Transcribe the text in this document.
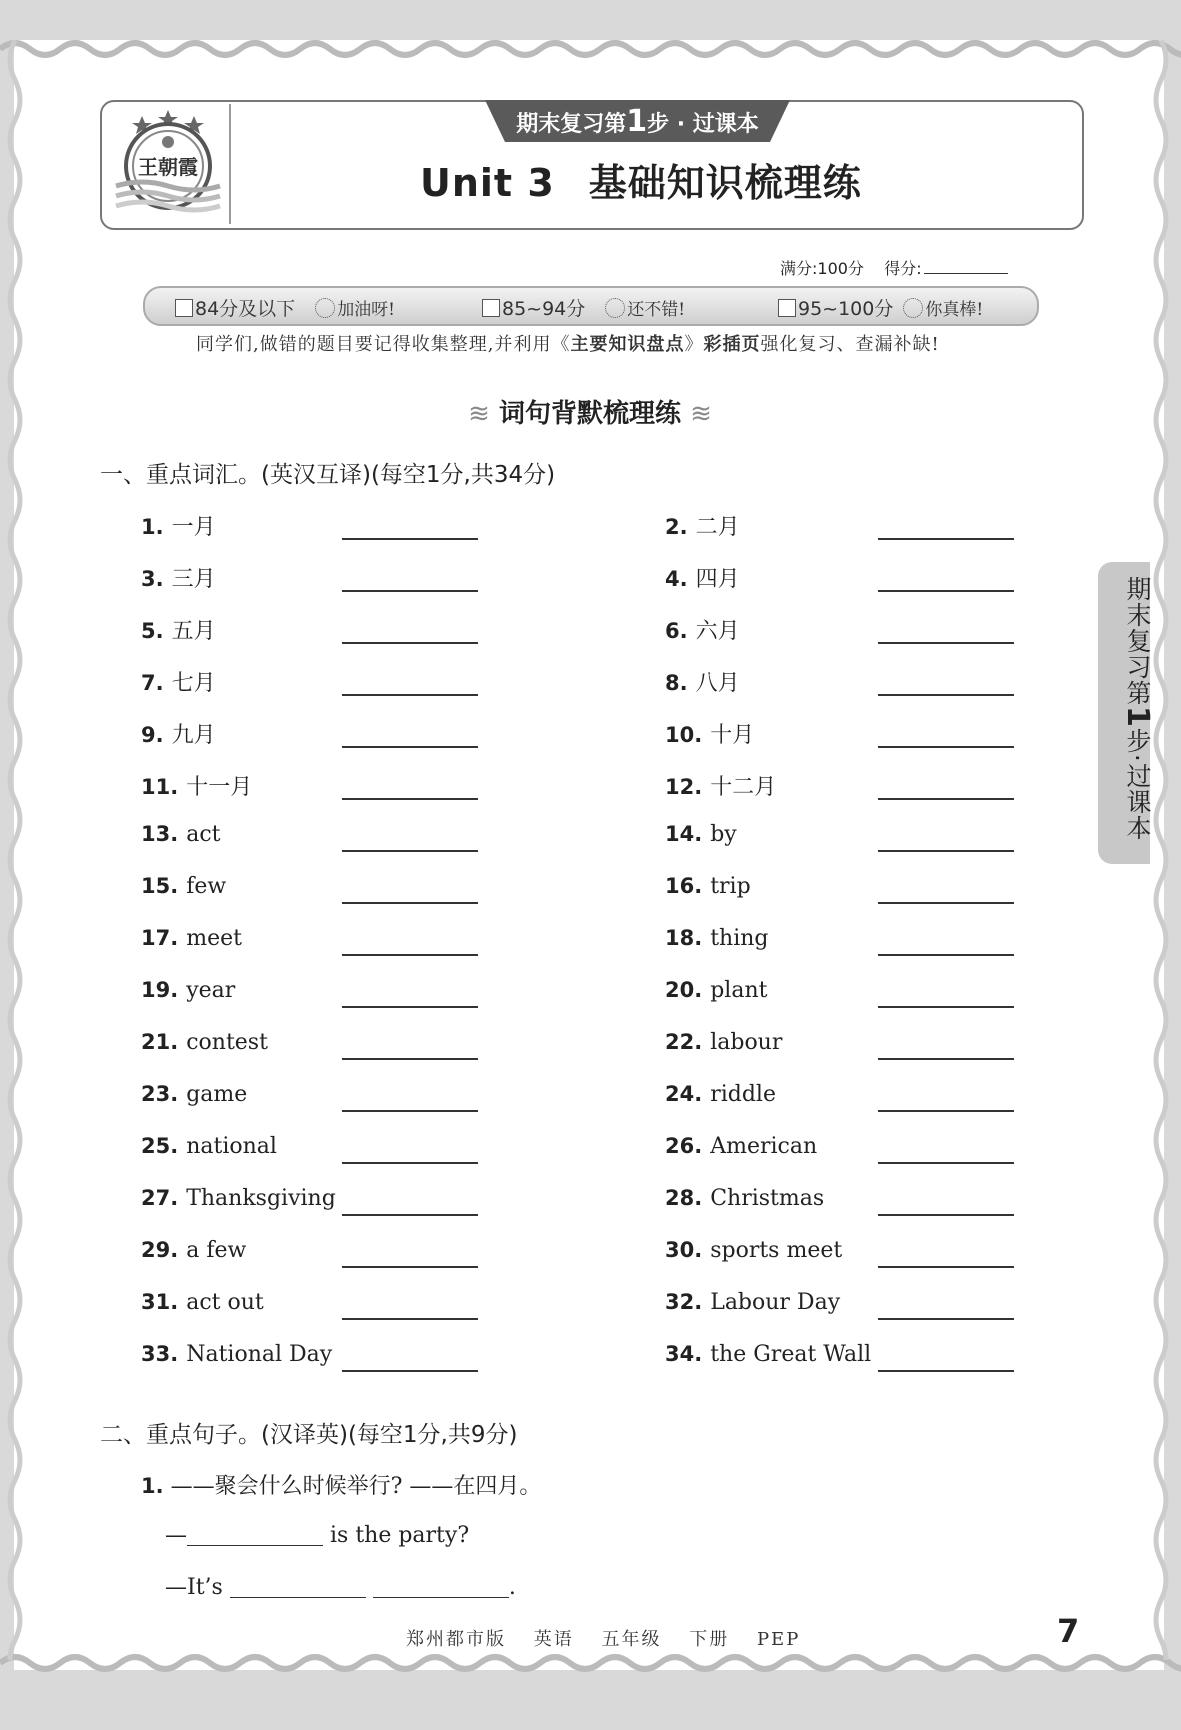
王朝霞
期末复习第1步 · 过课本
Unit 3 基础知识梳理练
满分:100分 得分:
84分及以下 加油呀!	85~94分 还不错!	95~100分 你真棒!
同学们,做错的题目要记得收集整理,并利用《主要知识盘点》彩插页强化复习、查漏补缺!
≋ 词句背默梳理练 ≋
一、重点词汇。(英汉互译)(每空1分,共34分)
1. 一月	2. 二月
3. 三月	4. 四月
5. 五月	6. 六月
7. 七月	8. 八月
9. 九月	10. 十月
11. 十一月	12. 十二月
13. act	14. by
15. few	16. trip
17. meet	18. thing
19. year	20. plant
21. contest	22. labour
23. game	24. riddle
25. national	26. American
27. Thanksgiving	28. Christmas
29. a few	30. sports meet
31. act out	32. Labour Day
33. National Day	34. the Great Wall
二、重点句子。(汉译英)(每空1分,共9分)
1. ——聚会什么时候举行? ——在四月。
—	is the party?
—It’s	.
期末复习第1步·过课本
郑州都市版 英语 五年级 下册 PEP	7
